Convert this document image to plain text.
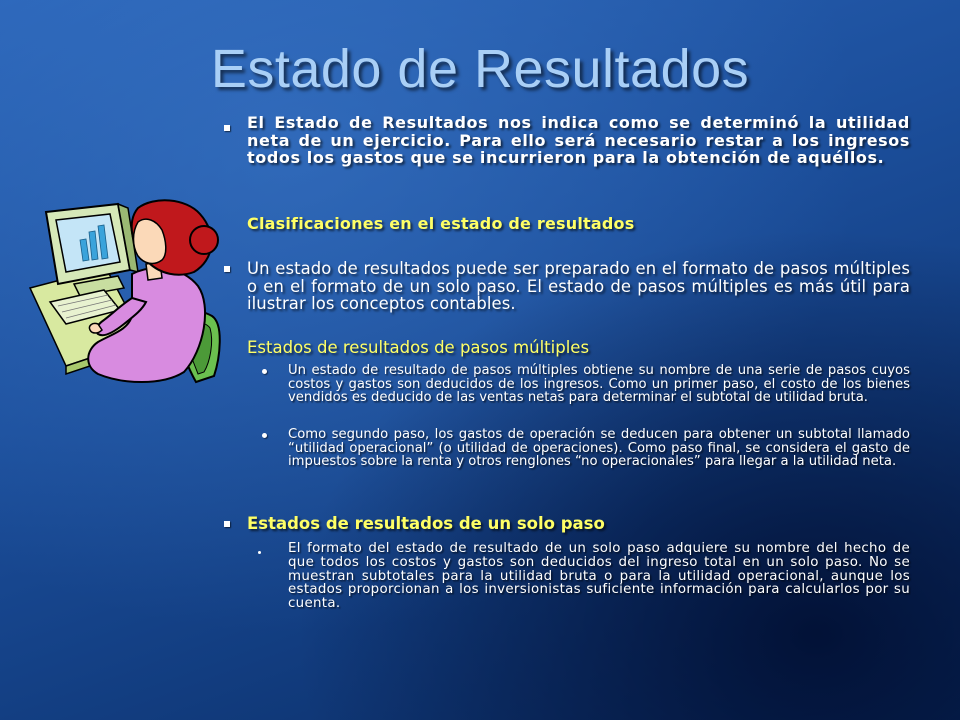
Estado de Resultados
El Estado de Resultados nos indica como se determinó la utilidad neta de un ejercicio. Para ello será necesario restar a los ingresos todos los gastos que se incurrieron para la obtención de aquéllos.
Clasificaciones en el estado de resultados
Un estado de resultados puede ser preparado en el formato de pasos múltiples o en el formato de un solo paso. El estado de pasos múltiples es más útil para ilustrar los conceptos contables.
Estados de resultados de pasos múltiples
Un estado de resultado de pasos múltiples obtiene su nombre de una serie de pasos cuyos costos y gastos son deducidos de los ingresos. Como un primer paso, el costo de los bienes vendidos es deducido de las ventas netas para determinar el subtotal de utilidad bruta.
Como segundo paso, los gastos de operación se deducen para obtener un subtotal llamado “utilidad operacional” (o utilidad de operaciones). Como paso final, se considera el gasto de impuestos sobre la renta y otros renglones “no operacionales” para llegar a la utilidad neta.
Estados de resultados de un solo paso
El formato del estado de resultado de un solo paso adquiere su nombre del hecho de que todos los costos y gastos son deducidos del ingreso total en un solo paso. No se muestran subtotales para la utilidad bruta o para la utilidad operacional, aunque los estados proporcionan a los inversionistas suficiente información para calcularlos por su cuenta.
